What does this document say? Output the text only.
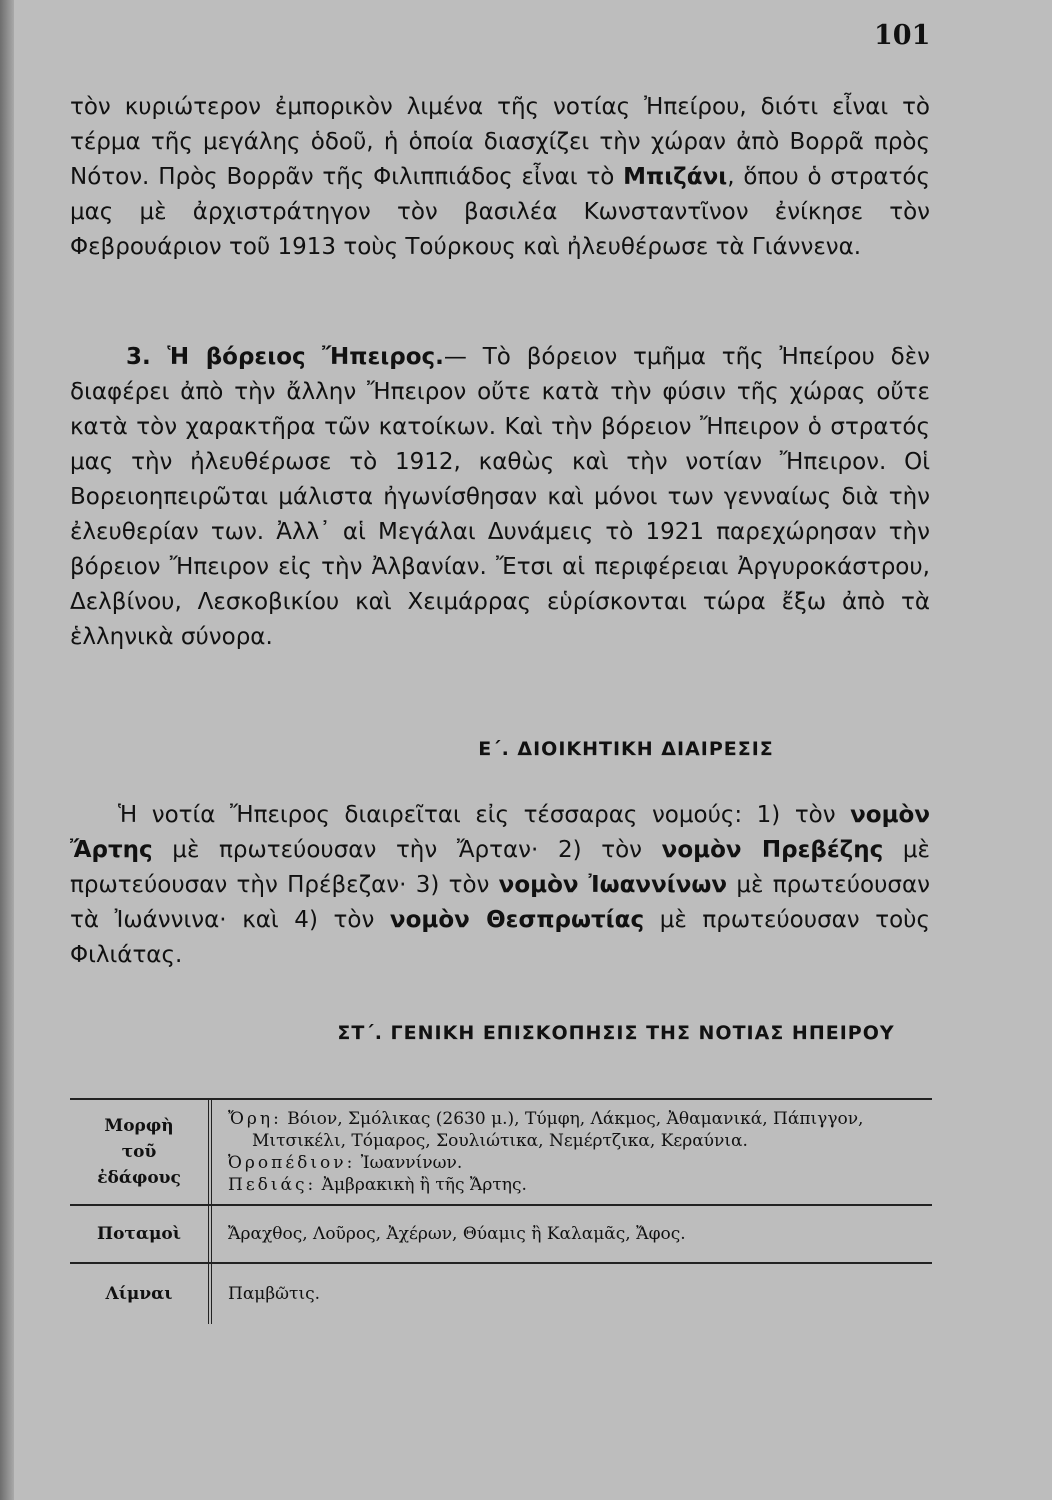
101

τὸν κυριώτερον ἐμπορικὸν λιμένα τῆς νοτίας Ἠπείρου, διότι εἶναι τὸ τέρμα τῆς μεγάλης ὁδοῦ, ἡ ὁποία διασχίζει τὴν χώραν ἀπὸ Βορρᾶ πρὸς Νότον. Πρὸς Βορρᾶν τῆς Φιλιππιάδος εἶναι τὸ Μπιζάνι, ὅπου ὁ στρατός μας μὲ ἀρχιστράτηγον τὸν βασιλέα Κωνσταντῖνον ἐνίκησε τὸν Φεβρουάριον τοῦ 1913 τοὺς Τούρκους καὶ ἠλευθέρωσε τὰ Γιάννενα.

3. Ἡ βόρειος Ἤπειρος.— Τὸ βόρειον τμῆμα τῆς Ἠπείρου δὲν διαφέρει ἀπὸ τὴν ἄλλην Ἤπειρον οὔτε κατὰ τὴν φύσιν τῆς χώρας οὔτε κατὰ τὸν χαρακτῆρα τῶν κατοίκων. Καὶ τὴν βόρειον Ἤπειρον ὁ στρατός μας τὴν ἠλευθέρωσε τὸ 1912, καθὼς καὶ τὴν νοτίαν Ἤπειρον. Οἱ Βορειοηπειρῶται μάλιστα ἠγωνίσθησαν καὶ μόνοι των γενναίως διὰ τὴν ἐλευθερίαν των. Ἀλλ᾿ αἱ Μεγάλαι Δυνάμεις τὸ 1921 παρεχώρησαν τὴν βόρειον Ἤπειρον εἰς τὴν Ἀλβανίαν. Ἔτσι αἱ περιφέρειαι Ἀργυροκάστρου, Δελβίνου, Λεσκοβικίου καὶ Χειμάρρας εὑρίσκονται τώρα ἔξω ἀπὸ τὰ ἑλληνικὰ σύνορα.

Ε΄. ΔΙΟΙΚΗΤΙΚΗ ΔΙΑΙΡΕΣΙΣ

Ἡ νοτία Ἤπειρος διαιρεῖται εἰς τέσσαρας νομούς: 1) τὸν νομὸν Ἄρτης μὲ πρωτεύουσαν τὴν Ἄρταν· 2) τὸν νομὸν Πρεβέζης μὲ πρωτεύουσαν τὴν Πρέβεζαν· 3) τὸν νομὸν Ἰωαννίνων μὲ πρωτεύουσαν τὰ Ἰωάννινα· καὶ 4) τὸν νομὸν Θεσπρωτίας μὲ πρωτεύουσαν τοὺς Φιλιάτας.

ΣΤ΄. ΓΕΝΙΚΗ ΕΠΙΣΚΟΠΗΣΙΣ ΤΗΣ ΝΟΤΙΑΣ ΗΠΕΙΡΟΥ
Μορφὴ
τοῦ
ἐδάφους
Ὄρη: Βόιον, Σμόλικας (2630 μ.), Τύμφη, Λάκμος, Ἀθαμανικά, Πάπιγγον, Μιτσικέλι, Τόμαρος, Σουλιώτικα, Νεμέρτζικα, Κεραύνια.
Ὀροπέδιον: Ἰωαννίνων.
Πεδιάς: Ἀμβρακικὴ ἢ τῆς Ἄρτης.
Ποταμοὶ	Ἄραχθος, Λοῦρος, Ἀχέρων, Θύαμις ἢ Καλαμᾶς, Ἄφος.
Λίμναι	Παμβῶτις.
